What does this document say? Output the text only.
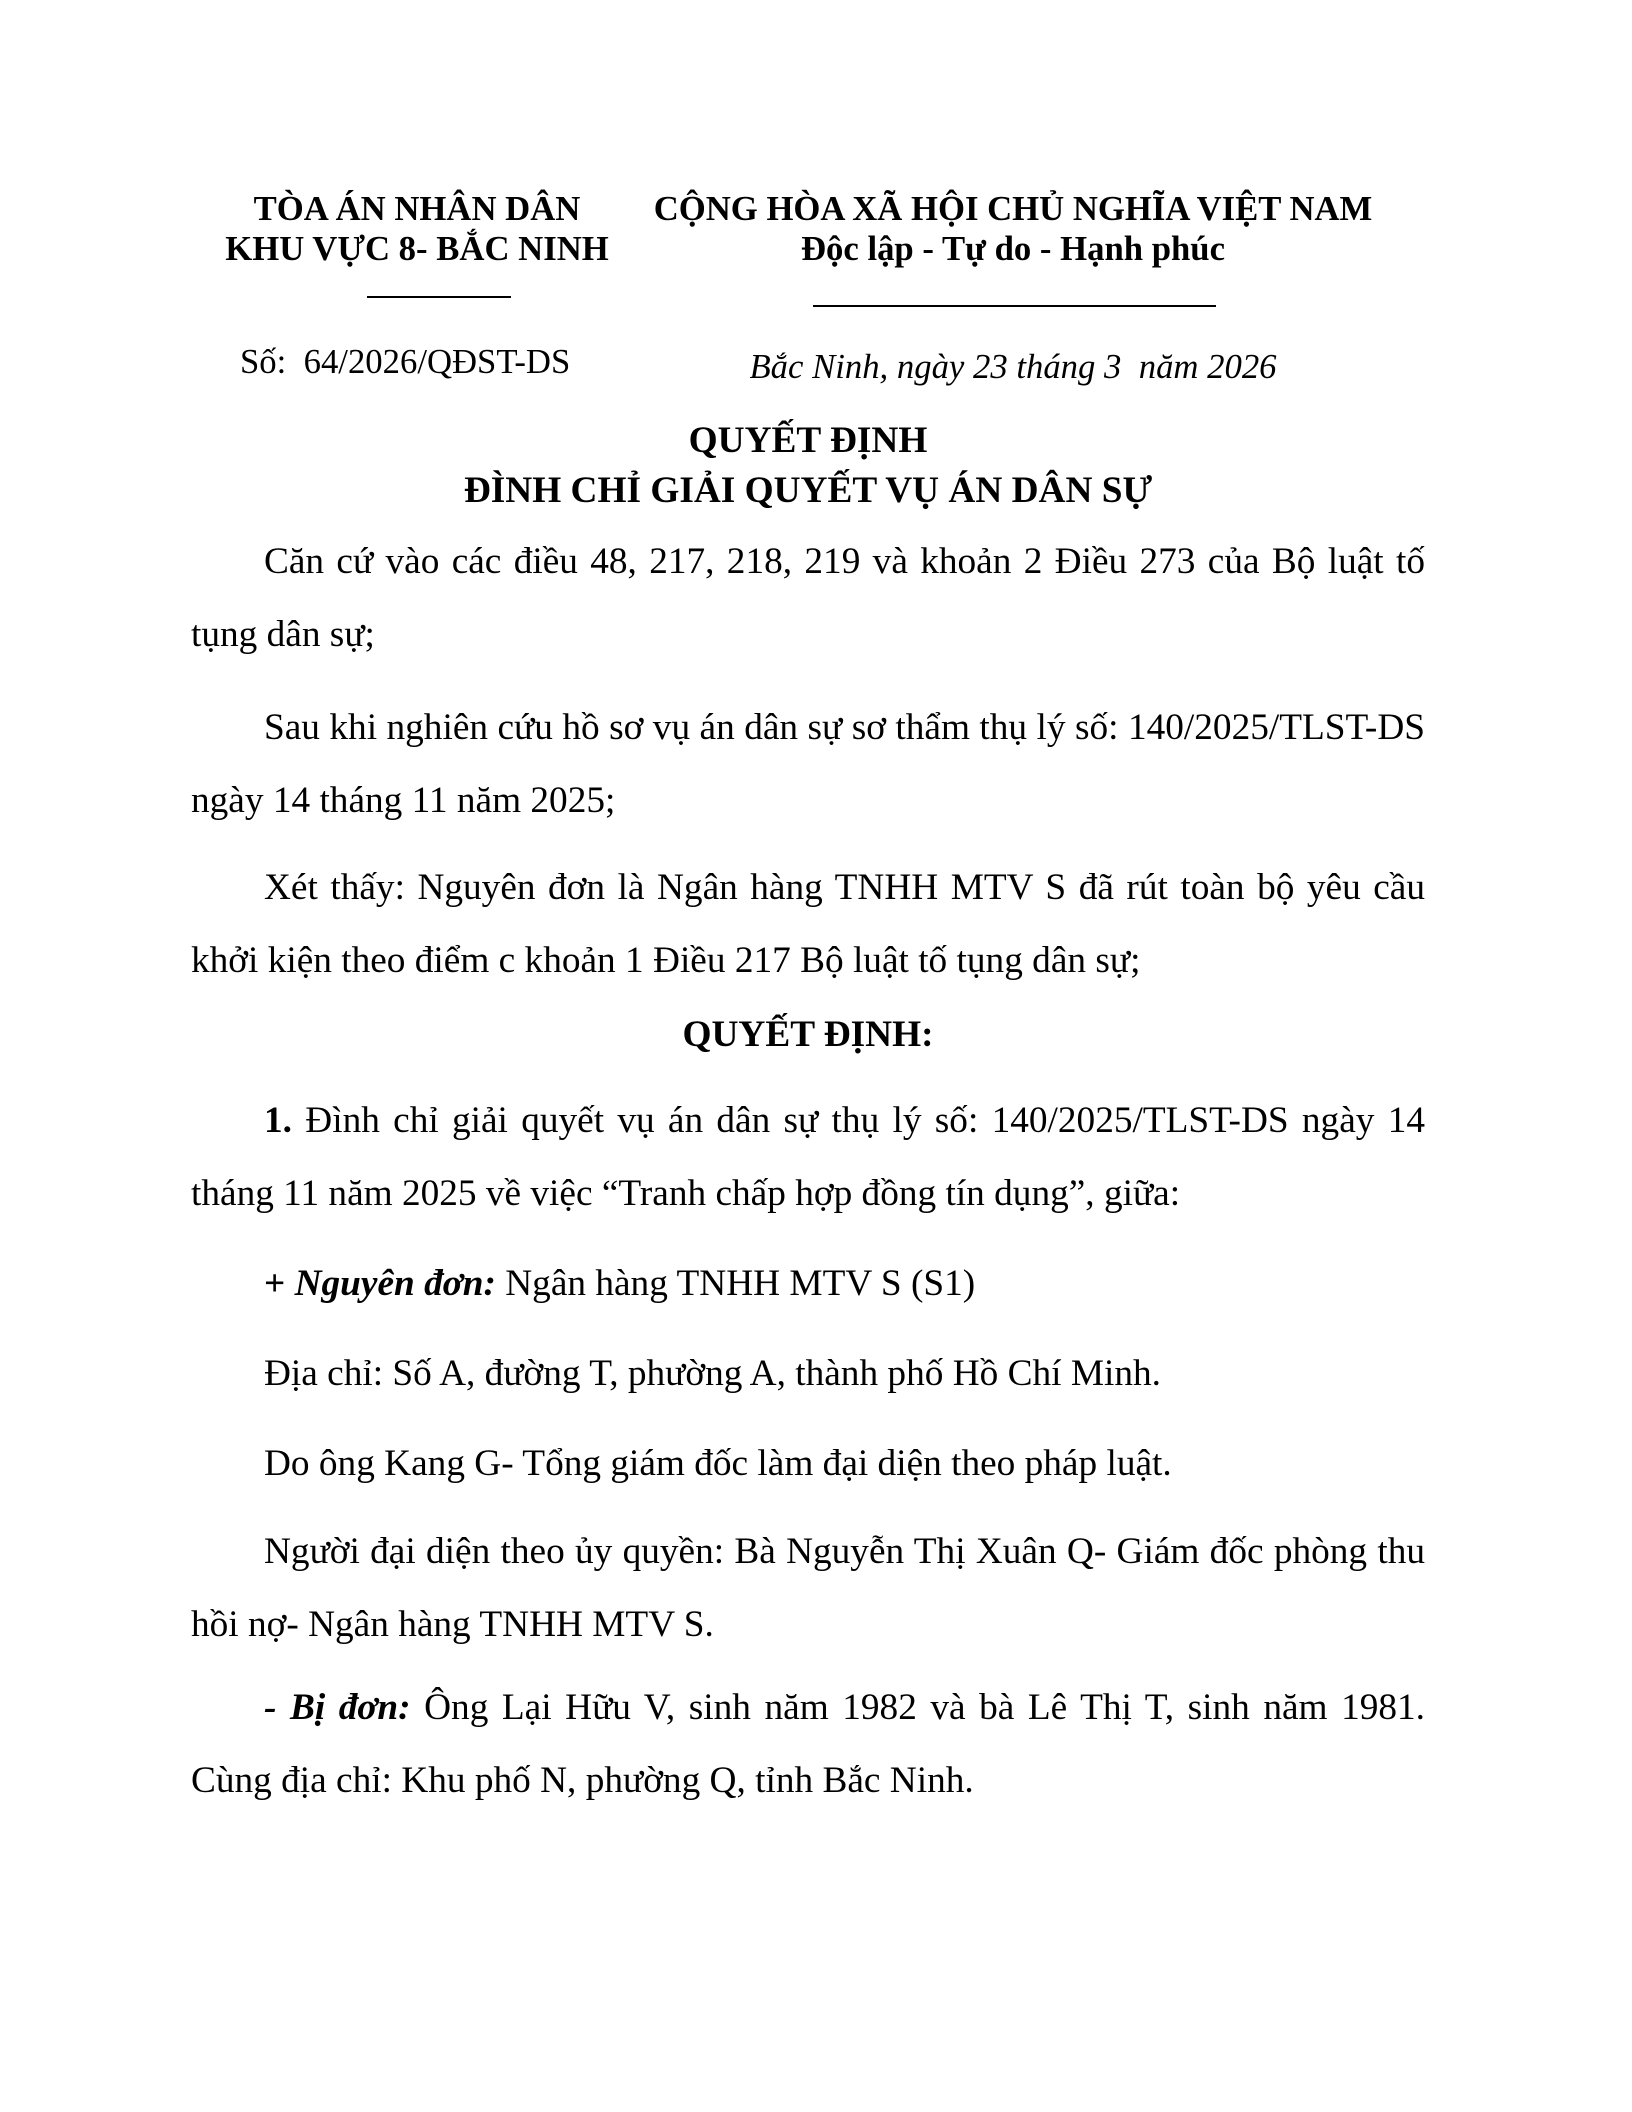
TÒA ÁN NHÂN DÂN
KHU VỰC 8- BẮC NINH
CỘNG HÒA XÃ HỘI CHỦ NGHĨA VIỆT NAM
Độc lập - Tự do - Hạnh phúc
Số:  64/2026/QĐST-DS	Bắc Ninh, ngày 23 tháng 3  năm 2026
QUYẾT ĐỊNH
ĐÌNH CHỈ GIẢI QUYẾT VỤ ÁN DÂN SỰ
Căn cứ vào các điều 48, 217, 218, 219 và khoản 2 Điều 273 của Bộ luật tố tụng dân sự;
Sau khi nghiên cứu hồ sơ vụ án dân sự sơ thẩm thụ lý số: 140/2025/TLST-DS ngày 14 tháng 11 năm 2025;
Xét thấy: Nguyên đơn là Ngân hàng TNHH MTV S đã rút toàn bộ yêu cầu khởi kiện theo điểm c khoản 1 Điều 217 Bộ luật tố tụng dân sự;
QUYẾT ĐỊNH:
1. Đình chỉ giải quyết vụ án dân sự thụ lý số: 140/2025/TLST-DS ngày 14 tháng 11 năm 2025 về việc “Tranh chấp hợp đồng tín dụng”, giữa:
+ Nguyên đơn: Ngân hàng TNHH MTV S (S1)
Địa chỉ: Số A, đường T, phường A, thành phố Hồ Chí Minh.
Do ông Kang G- Tổng giám đốc làm đại diện theo pháp luật.
Người đại diện theo ủy quyền: Bà Nguyễn Thị Xuân Q- Giám đốc phòng thu hồi nợ- Ngân hàng TNHH MTV S.
- Bị đơn: Ông Lại Hữu V, sinh năm 1982 và bà Lê Thị T, sinh năm 1981. Cùng địa chỉ: Khu phố N, phường Q, tỉnh Bắc Ninh.
